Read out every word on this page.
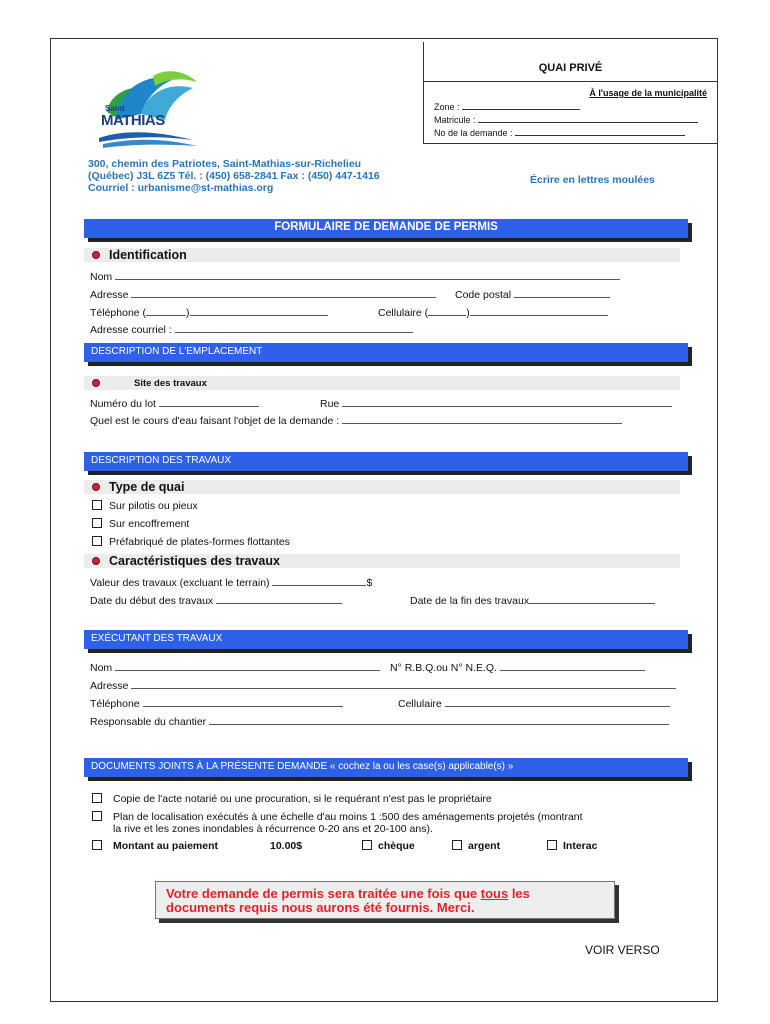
QUAI PRIVÉ
À l'usage de la municipalité
Zone :
Matricule :
No de la demande :
Saint
MATHIAS
300, chemin des Patriotes, Saint-Mathias-sur-Richelieu
(Québec) J3L 6Z5 Tél. : (450) 658-2841 Fax : (450) 447-1416
Courriel : urbanisme@st-mathias.org
Écrire en lettres moulées
FORMULAIRE DE DEMANDE DE PERMIS
Identification
Nom
Adresse	Code postal
Téléphone (	)	Cellulaire (	)
Adresse courriel :
DESCRIPTION DE L'EMPLACEMENT
Site des travaux
Numéro du lot	Rue
Quel est le cours d'eau faisant l'objet de la demande :
DESCRIPTION DES TRAVAUX
Type de quai
Sur pilotis ou pieux
Sur encoffrement
Préfabriqué de plates-formes flottantes
Caractéristiques des travaux
Valeur des travaux (excluant le terrain)	$
Date du début des travaux	Date de la fin des travaux
EXÉCUTANT DES TRAVAUX
Nom	N° R.B.Q.ou N° N.E.Q.
Adresse
Téléphone	Cellulaire
Responsable du chantier
DOCUMENTS JOINTS À LA PRÉSENTE DEMANDE « cochez la ou les case(s) applicable(s) »
Copie de l'acte notarié ou une procuration, si le requérant n'est pas le propriétaire
Plan de localisation exécutés à une échelle d'au moins 1 :500 des aménagements projetés (montrant
la rive et les zones inondables à récurrence 0-20 ans et 20-100 ans).
Montant au paiement	10.00$	chèque	argent	Interac
Votre demande de permis sera traitée une fois que tous les
documents requis nous aurons été fournis. Merci.
VOIR VERSO
